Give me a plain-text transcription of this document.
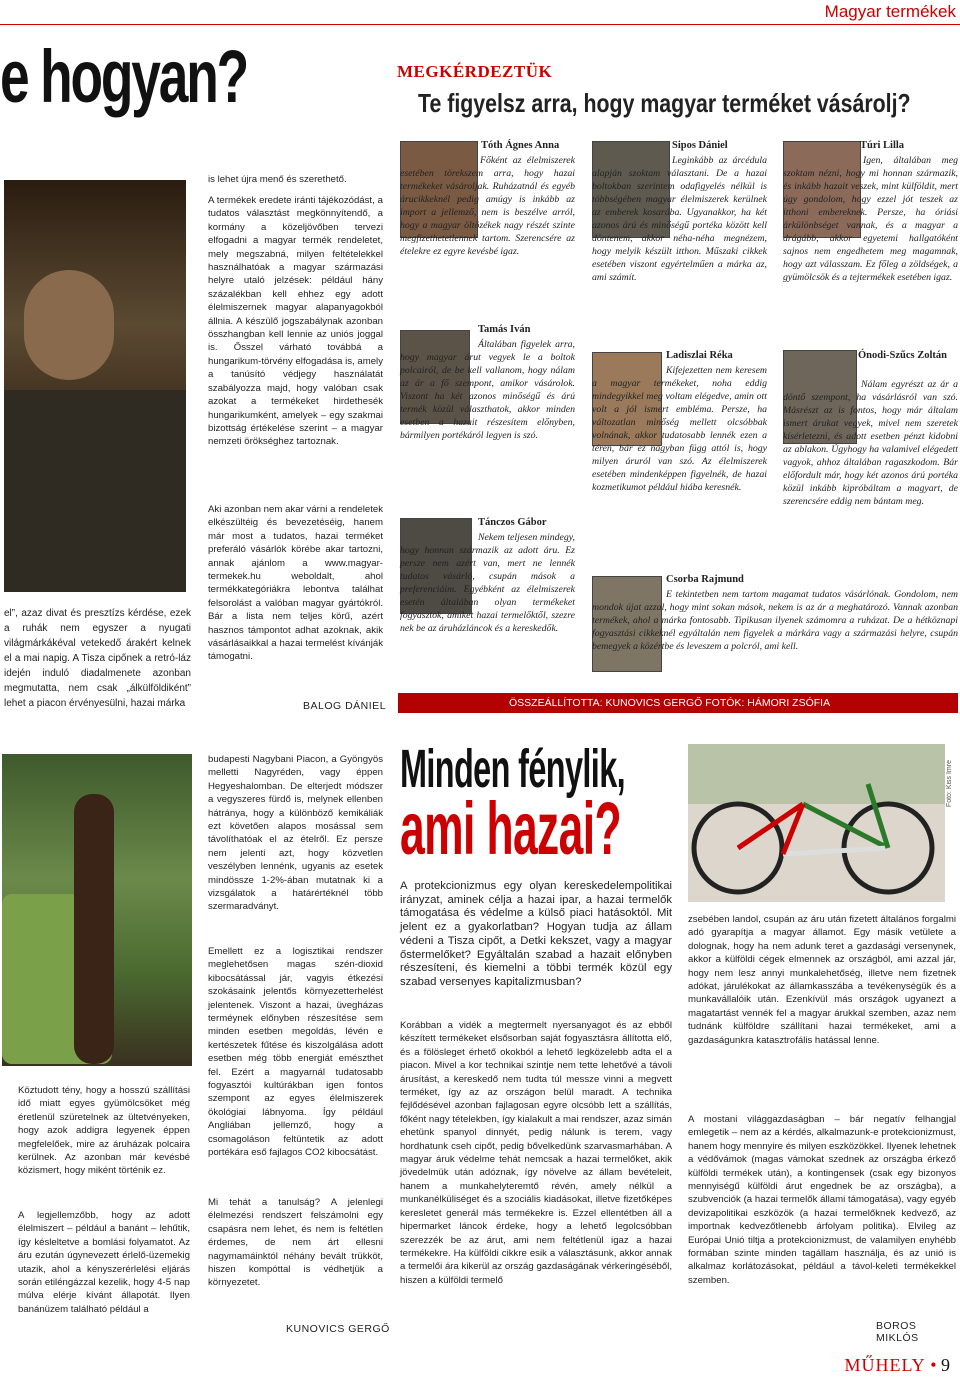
Magyar termékek
e hogyan?
el”, azaz divat és presztízs kérdése, ezek a ruhák nem egyszer a nyugati világmárkákéval vetekedő árakért kelnek el a mai napig. A Tisza cipőnek a retró-láz idején induló diadalmenete azonban megmutatta, nem csak „álkülföldiként” lehet a piacon érvényesülni, hazai márka
is lehet újra menő és szerethető.
A termékek eredete iránti tájékozódást, a tudatos választást megkönnyítendő, a kormány a közeljövőben tervezi elfogadni a magyar termék rendeletet, mely megszabná, milyen feltételekkel használhatóak a magyar származási helyre utaló jelzések: például hány százalékban kell ehhez egy adott élelmiszernek magyar alapanyagokból állnia. A készülő jogszabálynak azonban összhangban kell lennie az uniós joggal is. Ősszel várható továbbá a hungarikum-törvény elfogadása is, amely a tanúsító védjegy használatát szabályozza majd, hogy valóban csak azokat a termékeket hirdethesék hungarikumként, amelyek – egy szakmai bizottság értékelése szerint – a magyar nemzeti örökséghez tartoznak.
Aki azonban nem akar várni a rendeletek elkészültéig és bevezetéséig, hanem már most a tudatos, hazai terméket preferáló vásárlók körébe akar tartozni, annak ajánlom a www.magyar-termekek.hu weboldalt, ahol termékkategóriákra lebontva találhat felsorolást a valóban magyar gyártókról. Bár a lista nem teljes körű, azért hasznos támpontot adhat azoknak, akik vásárlásaikkal a hazai termelést kívánják támogatni.
BALOG DÁNIEL
MEGKÉRDEZTÜK
Te figyelsz arra, hogy magyar terméket vásárolj?
Tóth Ágnes Anna
Főként az élelmiszerek esetében törekszem arra, hogy hazai termékeket vásároljak. Ruházatnál és egyéb árucikkeknél pedig amúgy is inkább az import a jellemző, nem is beszélve arról, hogy a magyar öltözékek nagy részét szinte megfizethetetlennek tartom. Szerencsére az ételekre ez egyre kevésbé igaz.
Sipos Dániel
Leginkább az árcédula alapján szoktam választani. De a hazai boltokban szerintem odafigyelés nélkül is többségében magyar élelmiszerek kerülnek az emberek kosarába. Ugyanakkor, ha két azonos árú és minőségű portéka között kell döntenem, akkor néha-néha megnézem, hogy melyik készült itthon. Műszaki cikkek esetében viszont egyértelműen a márka az, ami számít.
Túri Lilla
Igen, általában meg szoktam nézni, hogy mi honnan származik, és inkább hazait veszek, mint külföldit, mert úgy gondolom, hogy ezzel jót teszek az itthoni embereknek. Persze, ha óriási árkülönbséget vannak, és a magyar a drágább, akkor egyetemi hallgatóként sajnos nem engedhetem meg magamnak, hogy azt válasszam. Ez főleg a zöldségek, a gyümölcsök és a tejtermékek esetében igaz.
Tamás Iván
Általában figyelek arra, hogy magyar árut vegyek le a boltok polcairól, de be kell vallanom, hogy nálam az ár a fő szempont, amikor vásárolok. Viszont ha két azonos minőségű és árú termék közül választhatok, akkor minden esetben a hazait részesítem előnyben, bármilyen portékáról legyen is szó.
Ladiszlai Réka
Kifejezetten nem keresem a magyar termékeket, noha eddig mindegyikkel meg voltam elégedve, amin ott volt a jól ismert embléma. Persze, ha változatlan minőség mellett olcsóbbak volnának, akkor tudatosabb lennék ezen a téren, bár ez nagyban függ attól is, hogy milyen áruról van szó. Az élelmiszerek esetében mindenképpen figyelnék, de hazai kozmetikumot például hiába keresnék.
Ónodi-Szűcs Zoltán
Nálam egyrészt az ár a döntő szempont, ha vásárlásról van szó. Másrészt az is fontos, hogy már általam ismert árukat vegyek, mivel nem szeretek kísérletezni, és adott esetben pénzt kidobni az ablakon. Úgyhogy ha valamivel elégedett vagyok, ahhoz általában ragaszkodom. Bár előfordult már, hogy két azonos árú portéka közül inkább kipróbáltam a magyart, de szerencsére eddig nem bántam meg.
Tánczos Gábor
Nekem teljesen mindegy, hogy honnan származik az adott áru. Ez persze nem azért van, mert ne lennék tudatos vásárló, csupán mások a preferenciáim. Egyébként az élelmiszerek esetén általában olyan termékeket fogyasztok, amiket hazai termelőktől, szezre nek be az áruházláncok és a kereskedők.
Csorba Rajmund
E tekintetben nem tartom magamat tudatos vásárlónak. Gondolom, nem mondok újat azzal, hogy mint sokan mások, nekem is az ár a meghatározó. Vannak azonban termékek, ahol a márka fontosabb. Tipikusan ilyenek számomra a ruházat. De a hétköznapi fogyasztási cikkeknél egyáltalán nem figyelek a márkára vagy a származási helyre, csupán bemegyek a közértbe és leveszem a polcról, ami kell.
ÖSSZEÁLLÍTOTTA: KUNOVICS GERGŐ FOTÓK: HÁMORI ZSÓFIA
Köztudott tény, hogy a hosszú szállítási idő miatt egyes gyümölcsöket még éretlenül szüretelnek az ültetvényeken, hogy azok addigra legyenek éppen megfelelőek, mire az áruházak polcaira kerülnek. Az azonban már kevésbé közismert, hogy miként történik ez.
A legjellemzőbb, hogy az adott élelmiszert – például a banánt – lehűtik, így késleltetve a bomlási folyamatot. Az áru ezután úgynevezett érlelő-üzemekig utazik, ahol a kényszerérlelési eljárás során etiléngázzal kezelik, hogy 4-5 nap múlva elérje kívánt állapotát. Ilyen banánüzem található például a
budapesti Nagybani Piacon, a Gyöngyös melletti Nagyréden, vagy éppen Hegyeshalomban. De elterjedt módszer a vegyszeres fürdő is, melynek ellenben hátránya, hogy a különböző kemikáliák ezt követően alapos mosással sem távolíthatóak el az ételről. Ez persze nem jelenti azt, hogy közvetlen veszélyben lennénk, ugyanis az esetek mindössze 1-2%-ában mutatnak ki a vizsgálatok a határértéknél több szermaradványt.
Emellett ez a logisztikai rendszer meglehetősen magas szén-dioxid kibocsátással jár, vagyis étkezési szokásaink jelentős környezetterhelést jelentenek. Viszont a hazai, üvegházas terméynek előnyben részesítése sem minden esetben megoldás, lévén e kertészetek fűtése és kiszolgálása adott esetben még több energiát emészthet fel. Ezért a magyarnál tudatosabb fogyasztói kultúrákban igen fontos szempont az egyes élelmiszerek ökológiai lábnyoma. Így például Angliában jellemző, hogy a csomagoláson feltüntetik az adott portékára eső fajlagos CO2 kibocsátást.
Mi tehát a tanulság? A jelenlegi élelmezési rendszert felszámolni egy csapásra nem lehet, és nem is feltétlen érdemes, de nem árt ellesni nagymamáinktól néhány bevált trükköt, hiszen kompóttal is védhetjük a környezetet.
KUNOVICS GERGŐ
Minden fénylik,
ami hazai?
Fotó: Kiss Imre
A protekcionizmus egy olyan kereskedelempolitikai irányzat, aminek célja a hazai ipar, a hazai termelők támogatása és védelme a külső piaci hatásoktól. Mit jelent ez a gyakorlatban? Hogyan tudja az állam védeni a Tisza cipőt, a Detki kekszet, vagy a magyar őstermelőket? Egyáltalán szabad a hazait előnyben részesíteni, és kiemelni a többi termék közül egy szabad versenyes kapitalizmusban?
Korábban a vidék a megtermelt nyersanyagot és az ebből készített termékeket elsősorban saját fogyasztásra állította elő, és a fölösleget érhető okokból a lehető legközelebb adta el a piacon. Mivel a kor technikai szintje nem tette lehetővé a távoli árusítást, a kereskedő nem tudta túl messze vinni a megvett terméket, így az az országon belül maradt. A technika fejlődésével azonban fajlagosan egyre olcsóbb lett a szállítás, főként nagy tételekben, így kialakult a mai rendszer, azaz simán ehetünk spanyol dinnyét, pedig nálunk is terem, vagy hordhatunk cseh cipőt, pedig bővelkedünk szarvasmarhában. A magyar áruk védelme tehát nemcsak a hazai termelőket, akik jövedelmük után adóznak, így növelve az állam bevételeit, hanem a munkahelyteremtő révén, amely nélkül a munkanélküliséget és a szociális kiadásokat, illetve fizetőképes keresletet generál más termékekre is. Ezzel ellentétben áll a hipermarket láncok érdeke, hogy a lehető legolcsóbban szerezzék be az árut, ami nem feltétlenül igaz a hazai termékekre. Ha külföldi cikkre esik a választásunk, akkor annak a termelői ára kikerül az ország gazdaságának vérkeringéséből, hiszen a külföldi termelő
zsebében landol, csupán az áru után fizetett általános forgalmi adó gyarapítja a magyar államot. Egy másik vetülete a dolognak, hogy ha nem adunk teret a gazdasági versenynek, akkor a külföldi cégek elmennek az országból, ami azzal jár, hogy nem lesz annyi munkalehetőség, illetve nem fizetnek adókat, járulékokat az államkasszába a tevékenységük és a munkavállalóik után. Ezenkívül más országok ugyanezt a magatartást vennék fel a magyar árukkal szemben, azaz nem tudnánk külföldre szállítani hazai termékeket, ami a gazdaságunkra katasztrofális hatással lenne.
A mostani világgazdaságban – bár negatív felhangjal emlegetik – nem az a kérdés, alkalmazunk-e protekcionizmust, hanem hogy mennyire és milyen eszközökkel. Ilyenek lehetnek a védővámok (magas vámokat szednek az országba érkező külföldi termékek után), a kontingensek (csak egy bizonyos mennyiségű külföldi árut engednek be az országba), a szubvenciók (a hazai termelők állami támogatása), vagy egyéb devizapolitikai eszközök (a hazai termelőknek kedvező, az importnak kedvezőtlenebb árfolyam politika). Elvileg az Európai Unió tiltja a protekcionizmust, de valamilyen enyhébb formában szinte minden tagállam használja, és az unió is alkalmaz korlátozásokat, például a távol-keleti termékekkel szemben.
BOROS MIKLÓS
MŰHELY • 9
